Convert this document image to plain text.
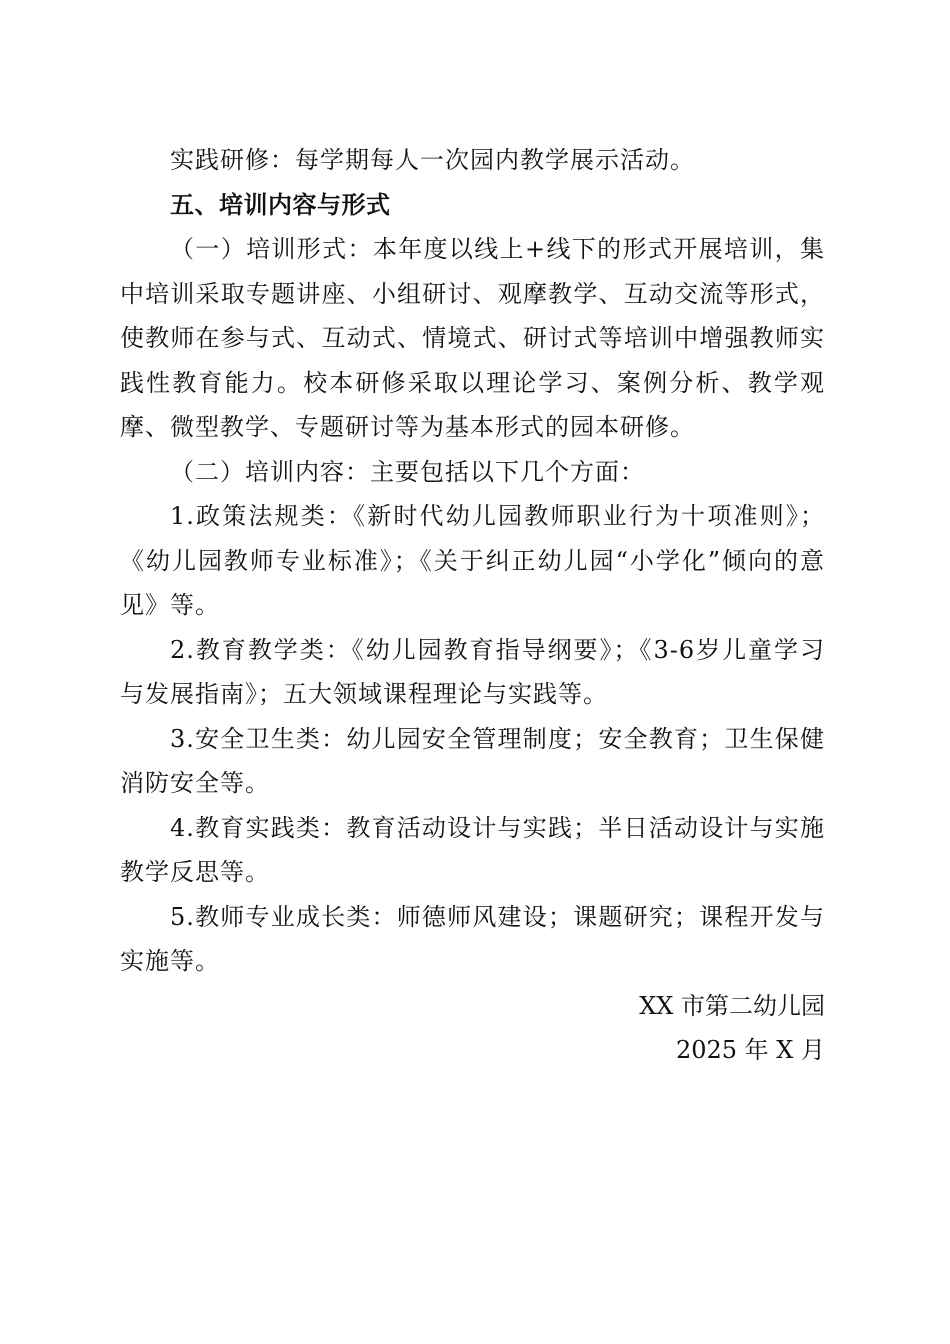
实践研修：每学期每人一次园内教学展示活动。

五、培训内容与形式

（一）培训形式：本年度以线上+线下的形式开展培训，集中培训采取专题讲座、小组研讨、观摩教学、互动交流等形式，使教师在参与式、互动式、情境式、研讨式等培训中增强教师实践性教育能力。校本研修采取以理论学习、案例分析、教学观摩、微型教学、专题研讨等为基本形式的园本研修。

（二）培训内容：主要包括以下几个方面：

1.政策法规类：《新时代幼儿园教师职业行为十项准则》；《幼儿园教师专业标准》；《关于纠正幼儿园“小学化”倾向的意见》等。

2.教育教学类：《幼儿园教育指导纲要》；《3-6岁儿童学习与发展指南》；五大领域课程理论与实践等。

3.安全卫生类：幼儿园安全管理制度；安全教育；卫生保健消防安全等。

4.教育实践类：教育活动设计与实践；半日活动设计与实施教学反思等。

5.教师专业成长类：师德师风建设；课题研究；课程开发与实施等。

XX 市第二幼儿园

2025 年 X 月
